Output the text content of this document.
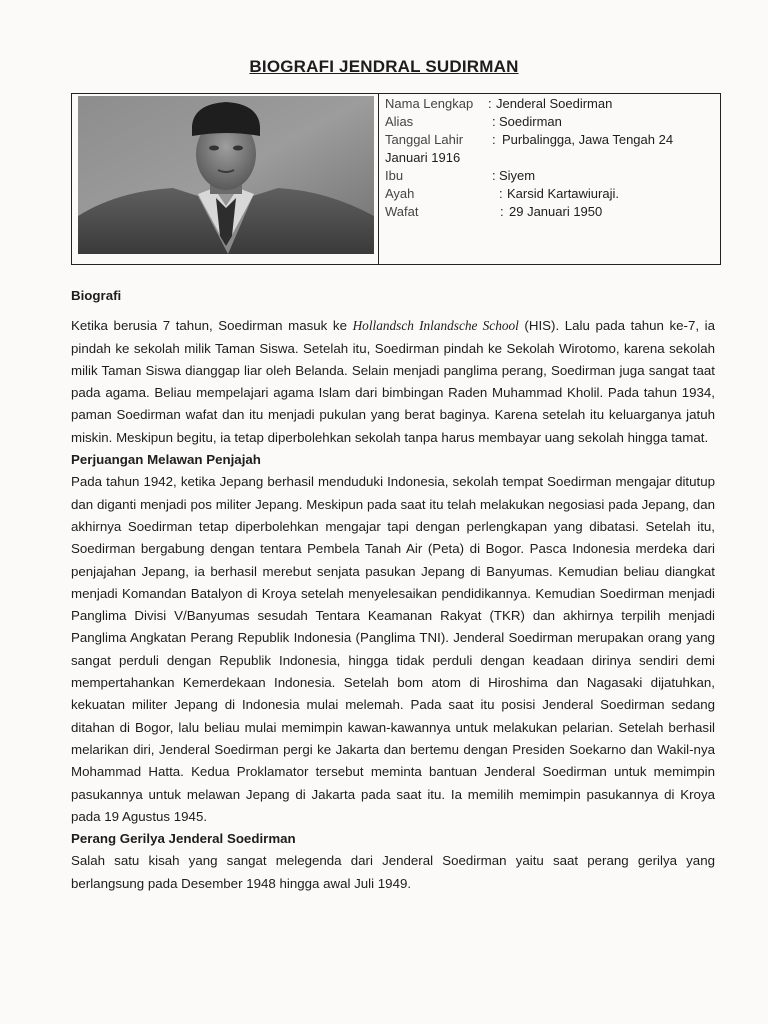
BIOGRAFI JENDRAL SUDIRMAN
Nama Lengkap	: Jenderal Soedirman
Alias	: Soedirman
Tanggal Lahir : Purbalingga, Jawa Tengah 24 Januari 1916
Ibu	: Siyem
Ayah	: Karsid Kartawiuraji.
Wafat	: 29 Januari 1950
Biografi

Ketika berusia 7 tahun, Soedirman masuk ke Hollandsch Inlandsche School (HIS). Lalu pada tahun ke-7, ia pindah ke sekolah milik Taman Siswa. Setelah itu, Soedirman pindah ke Sekolah Wirotomo, karena sekolah milik Taman Siswa dianggap liar oleh Belanda. Selain menjadi panglima perang, Soedirman juga sangat taat pada agama. Beliau mempelajari agama Islam dari bimbingan Raden Muhammad Kholil. Pada tahun 1934, paman Soedirman wafat dan itu menjadi pukulan yang berat baginya. Karena setelah itu keluarganya jatuh miskin. Meskipun begitu, ia tetap diperbolehkan sekolah tanpa harus membayar uang sekolah hingga tamat.

Perjuangan Melawan Penjajah

Pada tahun 1942, ketika Jepang berhasil menduduki Indonesia, sekolah tempat Soedirman mengajar ditutup dan diganti menjadi pos militer Jepang. Meskipun pada saat itu telah melakukan negosiasi pada Jepang, dan akhirnya Soedirman tetap diperbolehkan mengajar tapi dengan perlengkapan yang dibatasi. Setelah itu, Soedirman bergabung dengan tentara Pembela Tanah Air (Peta) di Bogor. Pasca Indonesia merdeka dari penjajahan Jepang, ia berhasil merebut senjata pasukan Jepang di Banyumas. Kemudian beliau diangkat menjadi Komandan Batalyon di Kroya setelah menyelesaikan pendidikannya. Kemudian Soedirman menjadi Panglima Divisi V/Banyumas sesudah Tentara Keamanan Rakyat (TKR) dan akhirnya terpilih menjadi Panglima Angkatan Perang Republik Indonesia (Panglima TNI). Jenderal Soedirman merupakan orang yang sangat perduli dengan Republik Indonesia, hingga tidak perduli dengan keadaan dirinya sendiri demi mempertahankan Kemerdekaan Indonesia. Setelah bom atom di Hiroshima dan Nagasaki dijatuhkan, kekuatan militer Jepang di Indonesia mulai melemah. Pada saat itu posisi Jenderal Soedirman sedang ditahan di Bogor, lalu beliau mulai memimpin kawan-kawannya untuk melakukan pelarian. Setelah berhasil melarikan diri, Jenderal Soedirman pergi ke Jakarta dan bertemu dengan Presiden Soekarno dan Wakil-nya Mohammad Hatta. Kedua Proklamator tersebut meminta bantuan Jenderal Soedirman untuk memimpin pasukannya untuk melawan Jepang di Jakarta pada saat itu. Ia memilih memimpin pasukannya di Kroya pada 19 Agustus 1945.

Perang Gerilya Jenderal Soedirman

Salah satu kisah yang sangat melegenda dari Jenderal Soedirman yaitu saat perang gerilya yang berlangsung pada Desember 1948 hingga awal Juli 1949.
